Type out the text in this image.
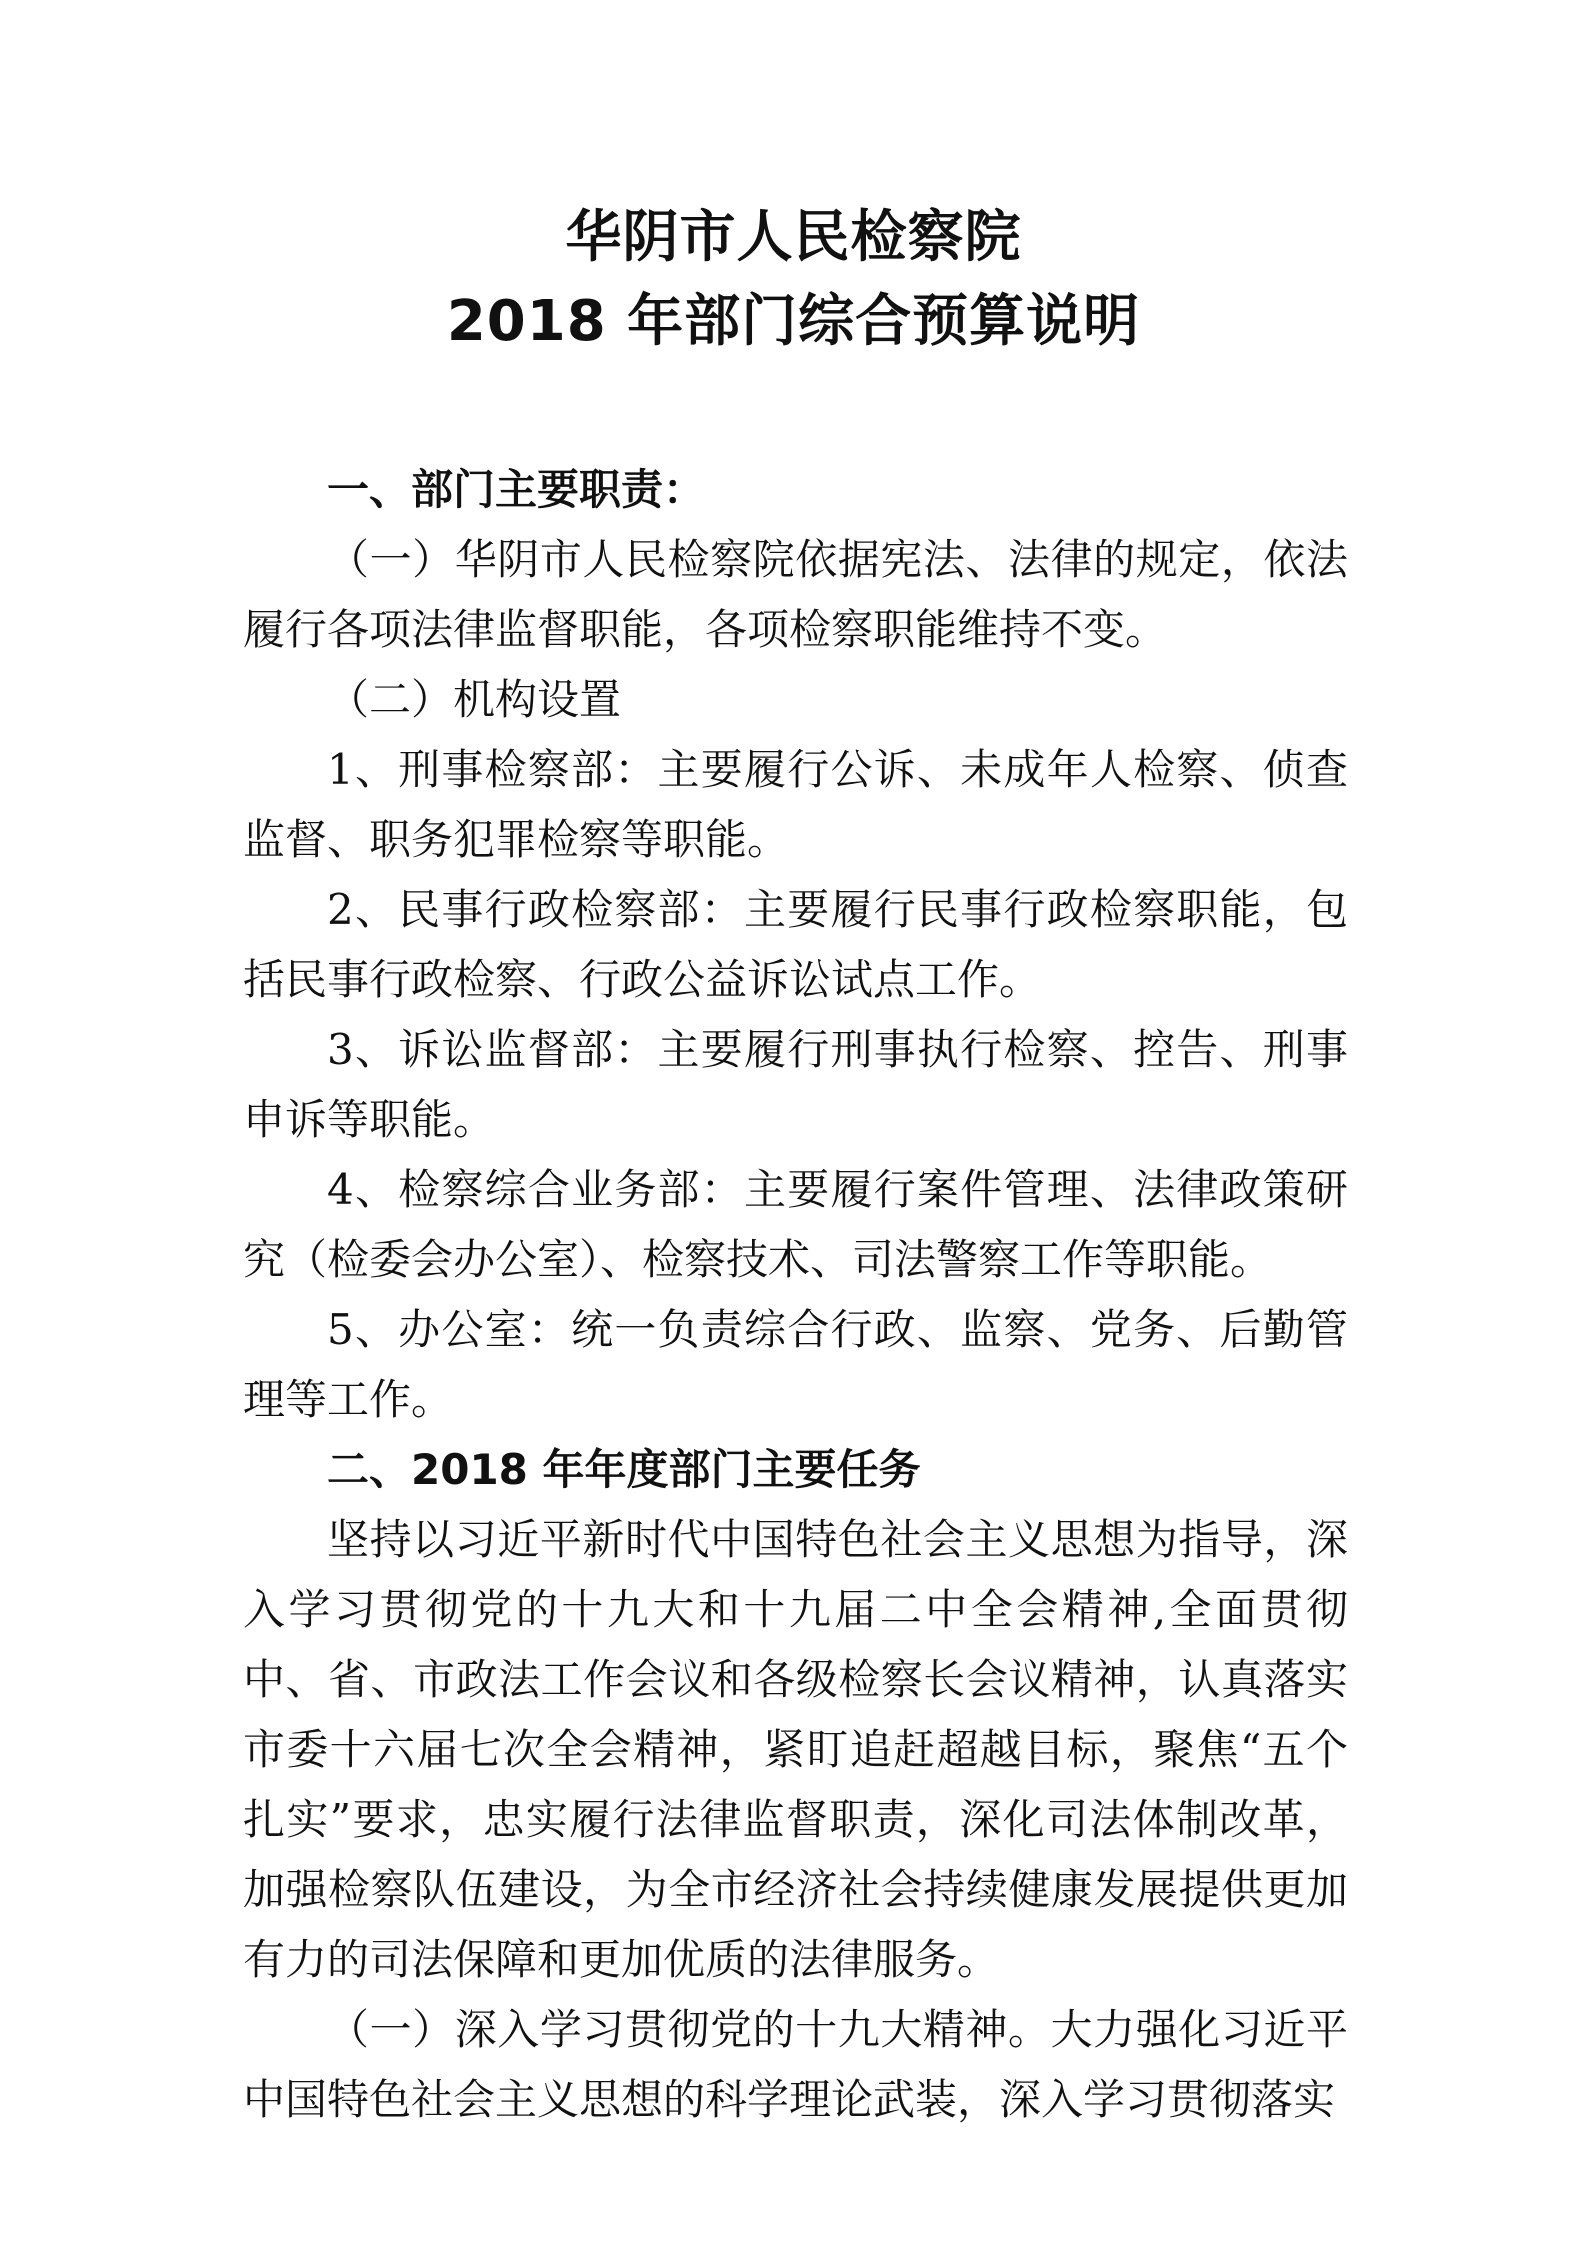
华阴市人民检察院
2018 年部门综合预算说明

一、部门主要职责：

（一）华阴市人民检察院依据宪法、法律的规定，依法履行各项法律监督职能，各项检察职能维持不变。

（二）机构设置

1、刑事检察部：主要履行公诉、未成年人检察、侦查监督、职务犯罪检察等职能。

2、民事行政检察部：主要履行民事行政检察职能，包括民事行政检察、行政公益诉讼试点工作。

3、诉讼监督部：主要履行刑事执行检察、控告、刑事申诉等职能。

4、检察综合业务部：主要履行案件管理、法律政策研究（检委会办公室）、检察技术、司法警察工作等职能。

5、办公室：统一负责综合行政、监察、党务、后勤管理等工作。

二、2018 年年度部门主要任务

坚持以习近平新时代中国特色社会主义思想为指导，深入学习贯彻党的十九大和十九届二中全会精神,全面贯彻中、省、市政法工作会议和各级检察长会议精神，认真落实市委十六届七次全会精神，紧盯追赶超越目标，聚焦“五个扎实”要求，忠实履行法律监督职责，深化司法体制改革，加强检察队伍建设，为全市经济社会持续健康发展提供更加有力的司法保障和更加优质的法律服务。

（一）深入学习贯彻党的十九大精神。大力强化习近平中国特色社会主义思想的科学理论武装，深入学习贯彻落实
